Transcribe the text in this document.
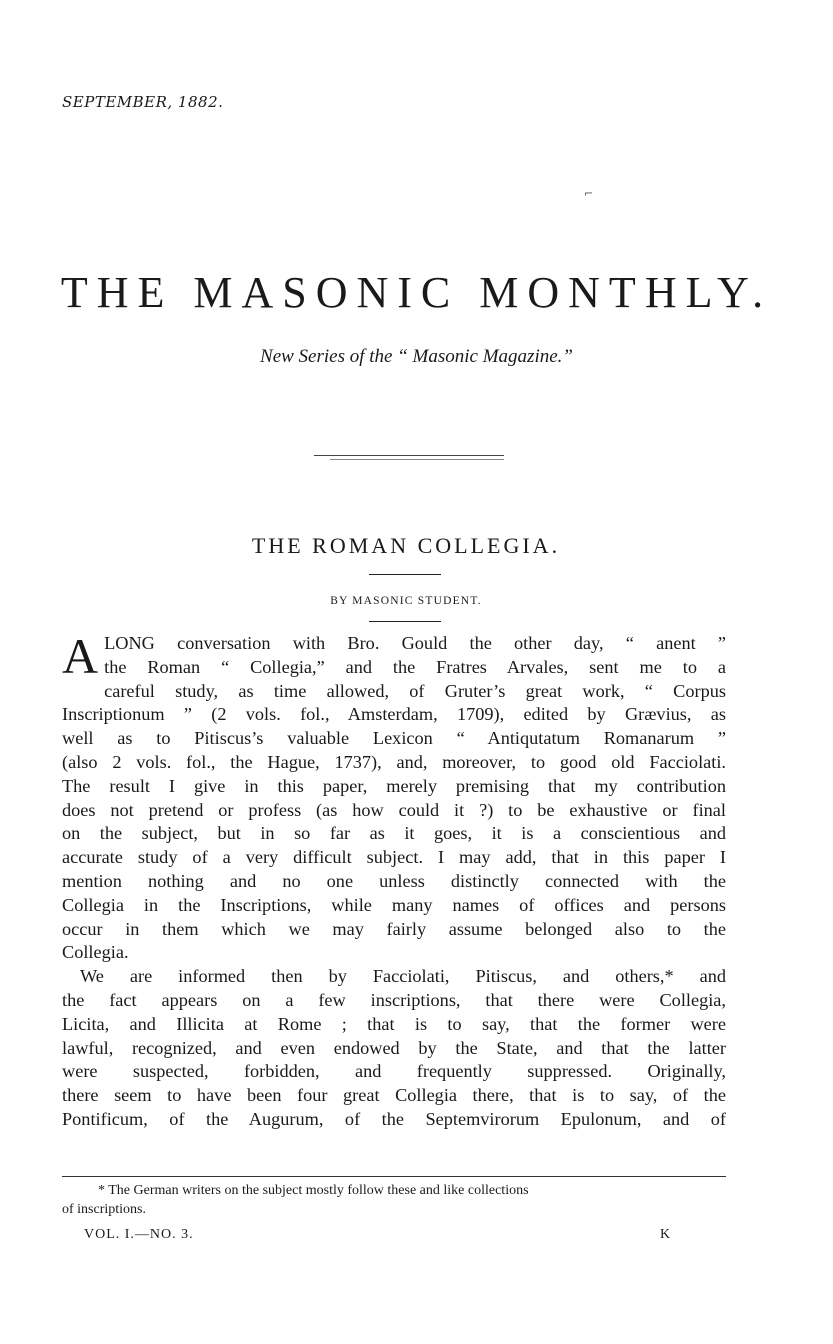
SEPTEMBER, 1882.
⌐
THE MASONIC MONTHLY.
New Series of the “ Masonic Magazine.”
THE ROMAN COLLEGIA.
BY MASONIC STUDENT.
A LONG conversation with Bro. Gould the other day, “ anent ”
the Roman “ Collegia,” and the Fratres Arvales, sent me to a
careful study, as time allowed, of Gruter’s great work, “ Corpus
Inscriptionum ” (2 vols. fol., Amsterdam, 1709), edited by Grævius, as
well as to Pitiscus’s valuable Lexicon “ Antiqutatum Romanarum ”
(also 2 vols. fol., the Hague, 1737), and, moreover, to good old Facciolati.
The result I give in this paper, merely premising that my contribution
does not pretend or profess (as how could it ?) to be exhaustive or final
on the subject, but in so far as it goes, it is a conscientious and
accurate study of a very difficult subject. I may add, that in this paper I
mention nothing and no one unless distinctly connected with the
Collegia in the Inscriptions, while many names of offices and persons
occur in them which we may fairly assume belonged also to the
Collegia.
We are informed then by Facciolati, Pitiscus, and others,* and
the fact appears on a few inscriptions, that there were Collegia,
Licita, and Illicita at Rome ; that is to say, that the former were
lawful, recognized, and even endowed by the State, and that the latter
were suspected, forbidden, and frequently suppressed. Originally,
there seem to have been four great Collegia there, that is to say, of the
Pontificum, of the Augurum, of the Septemvirorum Epulonum, and of
* The German writers on the subject mostly follow these and like collections
of inscriptions.
VOL. I.—NO. 3.	K
